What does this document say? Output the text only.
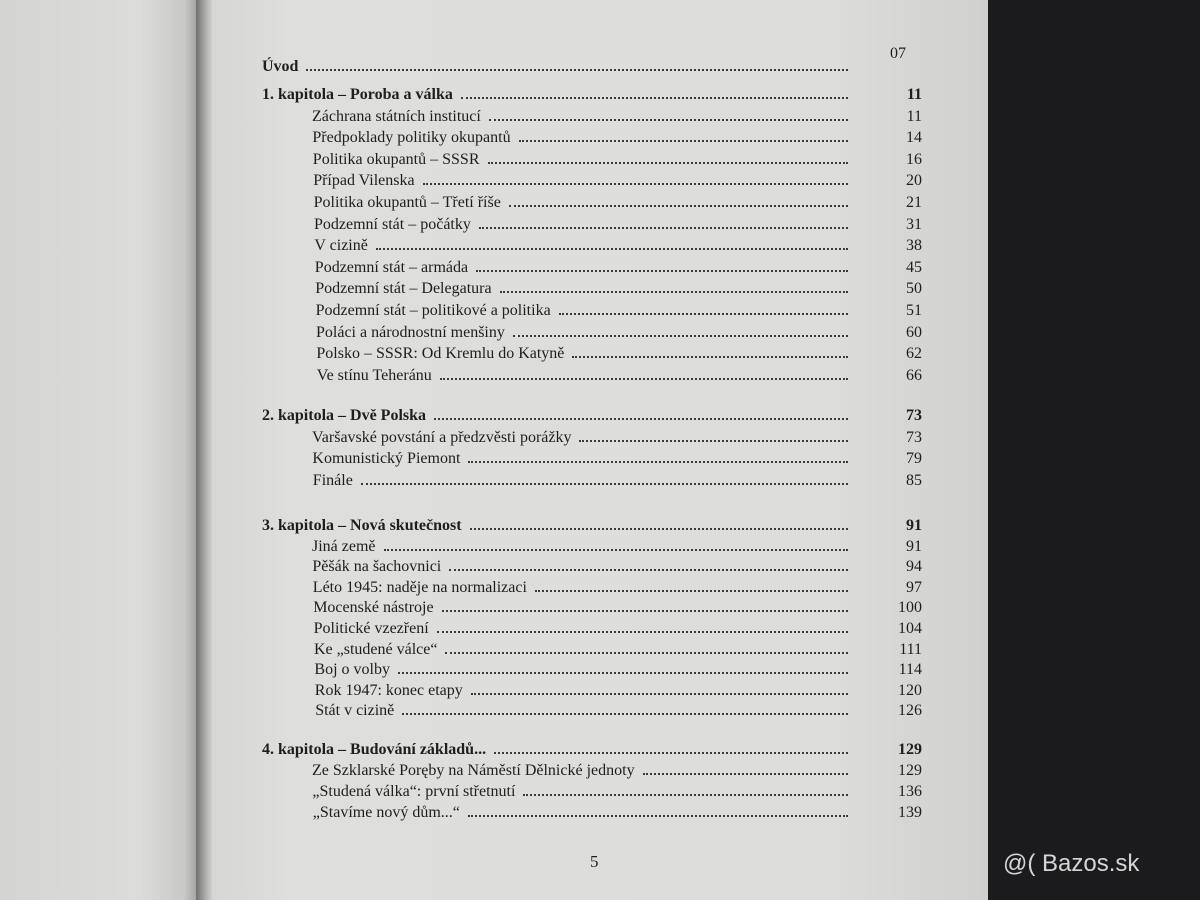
07
Úvod
1. kapitola – Poroba a válka	11
Záchrana státních institucí	11
Předpoklady politiky okupantů	14
Politika okupantů – SSSR	16
Případ Vilenska	20
Politika okupantů – Třetí říše	21
Podzemní stát – počátky	31
V cizině	38
Podzemní stát – armáda	45
Podzemní stát – Delegatura	50
Podzemní stát – politikové a politika	51
Poláci a národnostní menšiny	60
Polsko – SSSR: Od Kremlu do Katyně	62
Ve stínu Teheránu	66
2. kapitola – Dvě Polska	73
Varšavské povstání a předzvěsti porážky	73
Komunistický Piemont	79
Finále	85
3. kapitola – Nová skutečnost	91
Jiná země	91
Pěšák na šachovnici	94
Léto 1945: naděje na normalizaci	97
Mocenské nástroje	100
Politické vzezření	104
Ke „studené válce“	111
Boj o volby	114
Rok 1947: konec etapy	120
Stát v cizině	126
4. kapitola – Budování základů...	129
Ze Szklarské Poręby na Náměstí Dělnické jednoty	129
„Studená válka“: první střetnutí	136
„Stavíme nový dům...“	139
5	@( Bazos.sk
